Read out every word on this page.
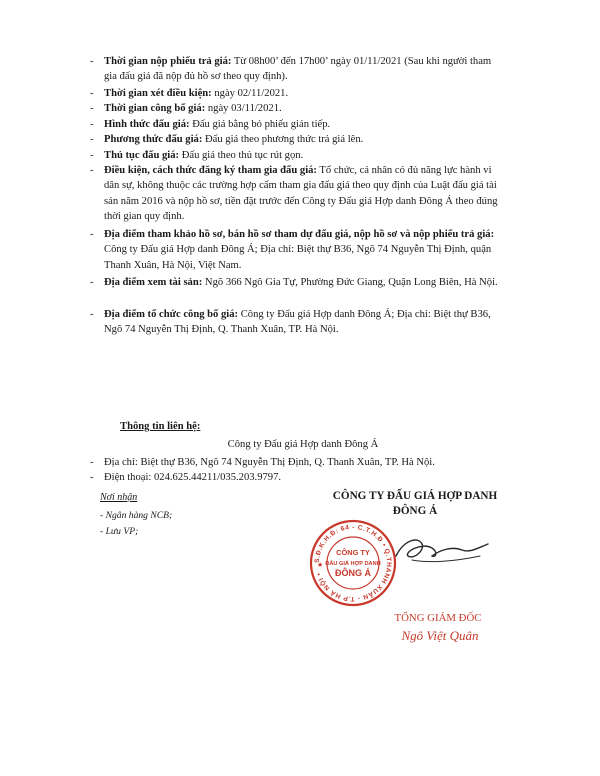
- Thời gian nộp phiếu trả giá: Từ 08h00’ đến 17h00’ ngày 01/11/2021 (Sau khi người tham gia đấu giá đã nộp đủ hồ sơ theo quy định).
- Thời gian xét điều kiện: ngày 02/11/2021.
- Thời gian công bố giá: ngày 03/11/2021.
- Hình thức đấu giá: Đấu giá bằng bỏ phiếu gián tiếp.
- Phương thức đấu giá: Đấu giá theo phương thức trả giá lên.
- Thủ tục đấu giá: Đấu giá theo thủ tục rút gọn.
- Điều kiện, cách thức đăng ký tham gia đấu giá: Tổ chức, cá nhân có đủ năng lực hành vi dân sự, không thuộc các trường hợp cấm tham gia đấu giá theo quy định của Luật đấu giá tài sản năm 2016 và nộp hồ sơ, tiền đặt trước đến Công ty Đấu giá Hợp danh Đông Á theo đúng thời gian quy định.
- Địa điểm tham khảo hồ sơ, bán hồ sơ tham dự đấu giá, nộp hồ sơ và nộp phiếu trả giá: Công ty Đấu giá Hợp danh Đông Á; Địa chỉ: Biệt thự B36, Ngõ 74 Nguyễn Thị Định, quận Thanh Xuân, Hà Nội, Việt Nam.
- Địa điểm xem tài sản: Ngõ 366 Ngô Gia Tự, Phường Đức Giang, Quận Long Biên, Hà Nội.
- Địa điểm tổ chức công bố giá: Công ty Đấu giá Hợp danh Đông Á; Địa chỉ: Biệt thự B36, Ngõ 74 Nguyễn Thị Định, Q. Thanh Xuân, TP. Hà Nội.
Thông tin liên hệ:
Công ty Đấu giá Hợp danh Đông Á
- Địa chỉ: Biệt thự B36, Ngõ 74 Nguyễn Thị Định, Q. Thanh Xuân, TP. Hà Nội.
- Điện thoại: 024.625.44211/035.203.9797.
Nơi nhận
- Ngân hàng NCB;
- Lưu VP;
CÔNG TY ĐẤU GIÁ HỢP DANH
ĐÔNG Á
S.Đ.K.H.Đ: 64 - C.T.H.Đ • Q.THANH XUÂN - T.P HÀ NỘI •
CÔNG TY
ĐẤU GIÁ HỢP DANH
ĐÔNG Á
★
TỔNG GIÁM ĐỐC
Ngô Việt Quân
